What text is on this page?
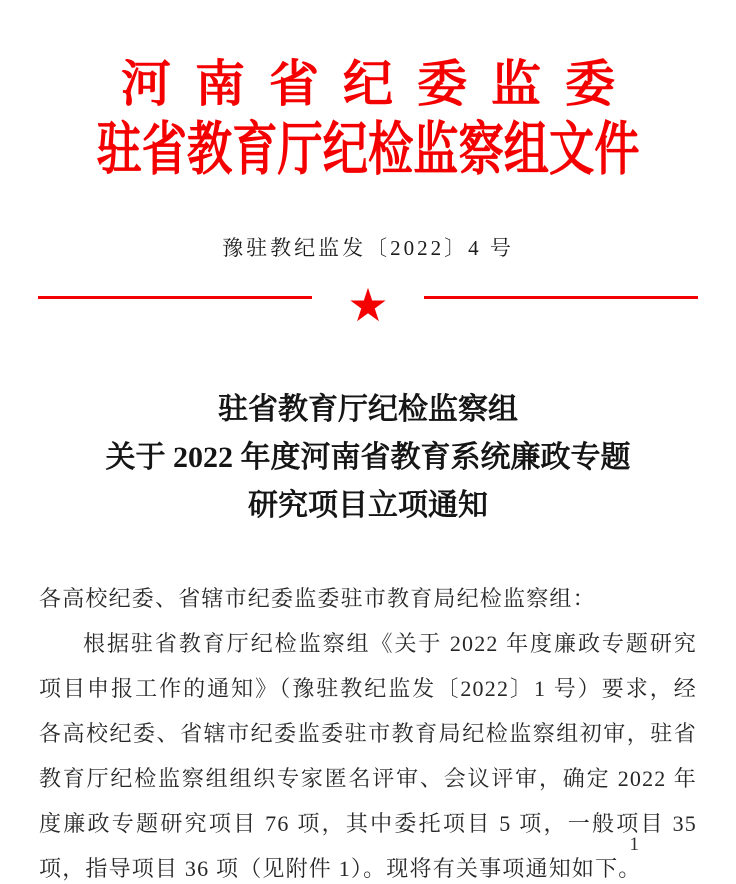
河南省纪委监委
驻省教育厅纪检监察组文件
豫驻教纪监发〔2022〕4 号
★
驻省教育厅纪检监察组
关于 2022 年度河南省教育系统廉政专题
研究项目立项通知
各高校纪委、省辖市纪委监委驻市教育局纪检监察组：
根据驻省教育厅纪检监察组《关于 2022 年度廉政专题研究项目申报工作的通知》（豫驻教纪监发〔2022〕1 号）要求，经各高校纪委、省辖市纪委监委驻市教育局纪检监察组初审，驻省教育厅纪检监察组组织专家匿名评审、会议评审，确定 2022 年度廉政专题研究项目 76 项，其中委托项目 5 项，一般项目 35 项，指导项目 36 项（见附件 1）。现将有关事项通知如下。
1
